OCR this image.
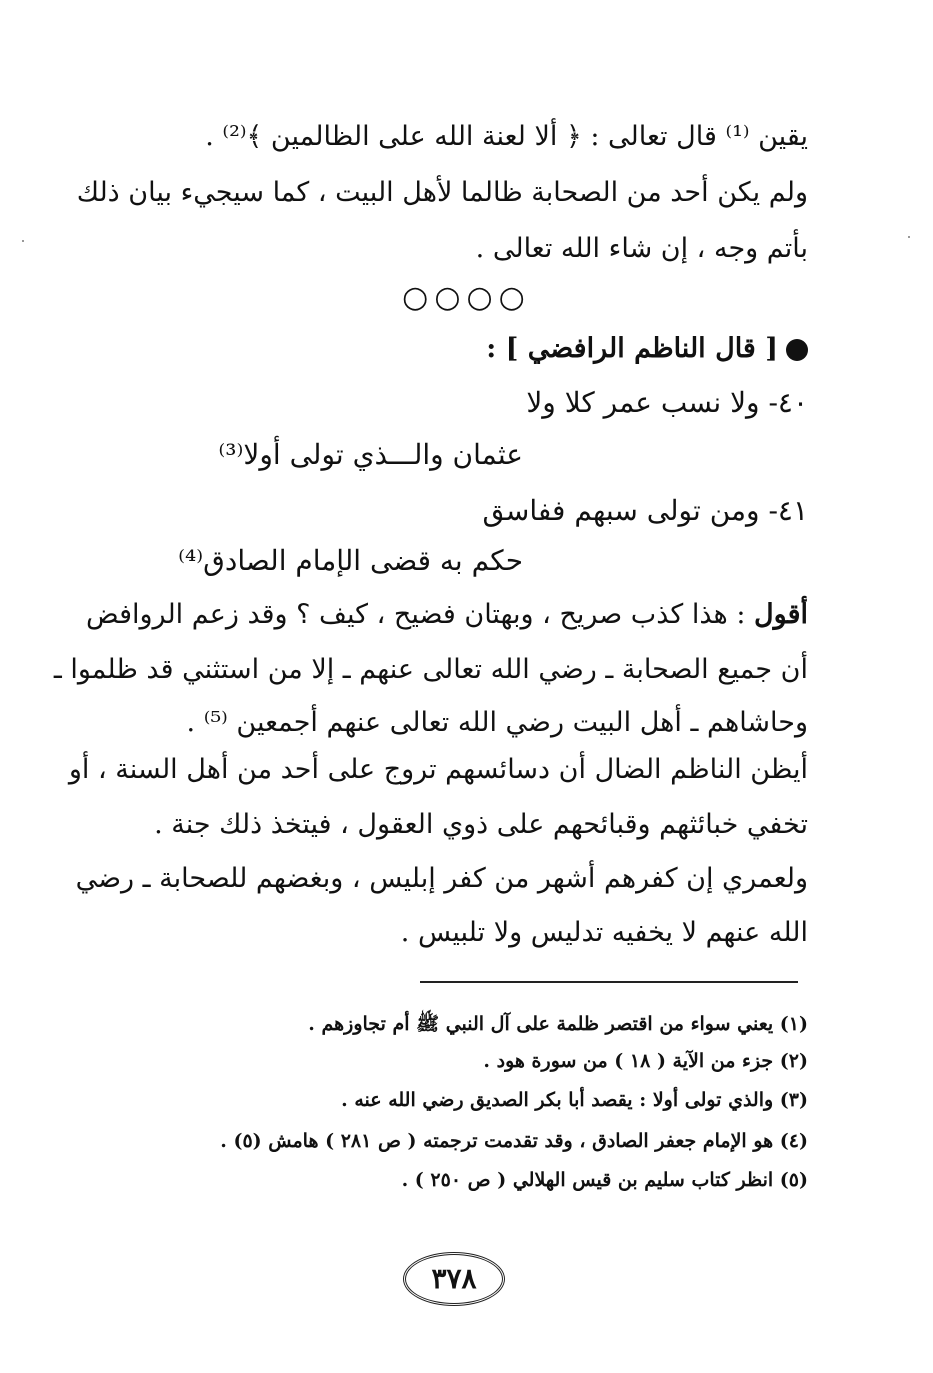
يقين ⁽¹⁾ قال تعالى : ﴿ ألا لعنة الله على الظالمين ﴾⁽²⁾ .
ولم يكن أحد من الصحابة ظالما لأهل البيت ، كما سيجيء بيان ذلك
بأتم وجه ، إن شاء الله تعالى .
○○○○
[ قال الناظم الرافضي ] :
٤٠- ولا نسب عمر كلا ولا
عثمان والـــذي تولى أولا⁽³⁾
٤١- ومن تولى سبهم ففاسق
حكم به قضى الإمام الصادق⁽⁴⁾
أقول : هذا كذب صريح ، وبهتان فضيح ، كيف ؟ وقد زعم الروافض
أن جميع الصحابة ـ رضي الله تعالى عنهم ـ إلا من استثني قد ظلموا ـ
وحاشاهم ـ أهل البيت رضي الله تعالى عنهم أجمعين ⁽⁵⁾ .
أيظن الناظم الضال أن دسائسهم تروج على أحد من أهل السنة ، أو
تخفي خبائثهم وقبائحهم على ذوي العقول ، فيتخذ ذلك جنة .
ولعمري إن كفرهم أشهر من كفر إبليس ، وبغضهم للصحابة ـ رضي
الله عنهم لا يخفيه تدليس ولا تلبيس .
(١) يعني سواء من اقتصر ظلمة على آل النبي ﷺ أم تجاوزهم .
(٢) جزء من الآية ( ١٨ ) من سورة هود .
(٣) والذي تولى أولا : يقصد أبا بكر الصديق رضي الله عنه .
(٤) هو الإمام جعفر الصادق ، وقد تقدمت ترجمته ( ص ٢٨١ ) هامش (٥) .
(٥) انظر كتاب سليم بن قيس الهلالي ( ص ٢٥٠ ) .
٣٧٨
